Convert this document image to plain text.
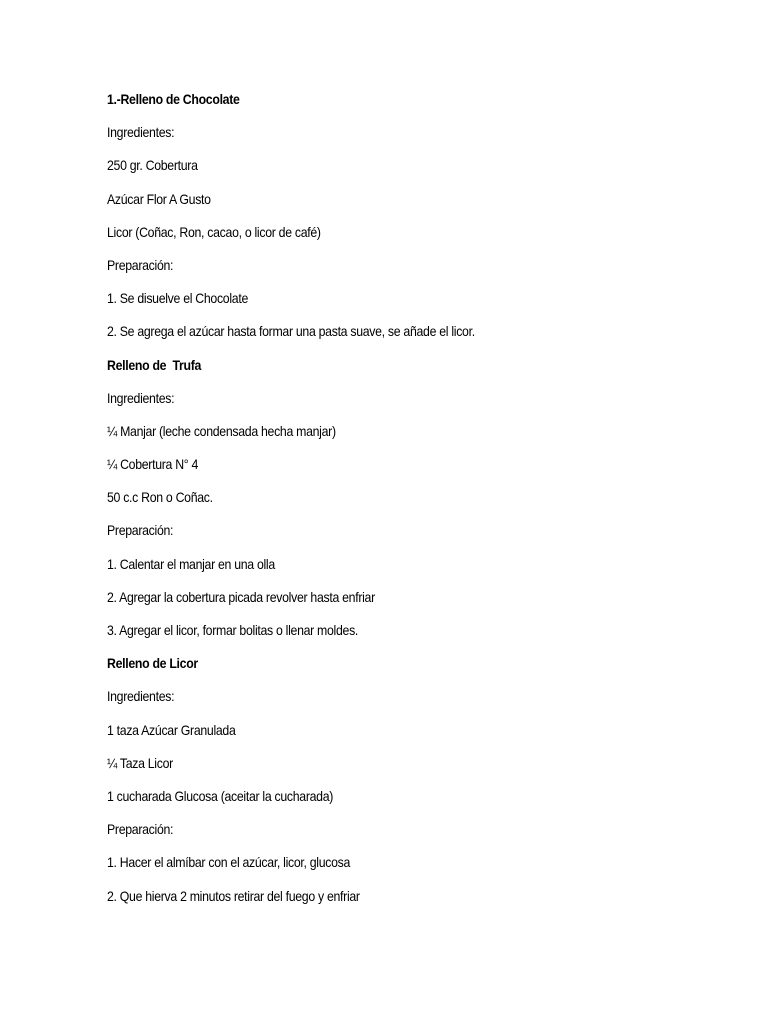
1.-Relleno de Chocolate
Ingredientes:
250 gr. Cobertura
Azúcar Flor A Gusto
Licor (Coñac, Ron, cacao, o licor de café)
Preparación:
1. Se disuelve el Chocolate
2. Se agrega el azúcar hasta formar una pasta suave, se añade el licor.
Relleno de  Trufa
Ingredientes:
¼ Manjar (leche condensada hecha manjar)
¼ Cobertura N° 4
50 c.c Ron o Coñac.
Preparación:
1. Calentar el manjar en una olla
2. Agregar la cobertura picada revolver hasta enfriar
3. Agregar el licor, formar bolitas o llenar moldes.
Relleno de Licor
Ingredientes:
1 taza Azúcar Granulada
¼ Taza Licor
1 cucharada Glucosa (aceitar la cucharada)
Preparación:
1. Hacer el almíbar con el azúcar, licor, glucosa
2. Que hierva 2 minutos retirar del fuego y enfriar
